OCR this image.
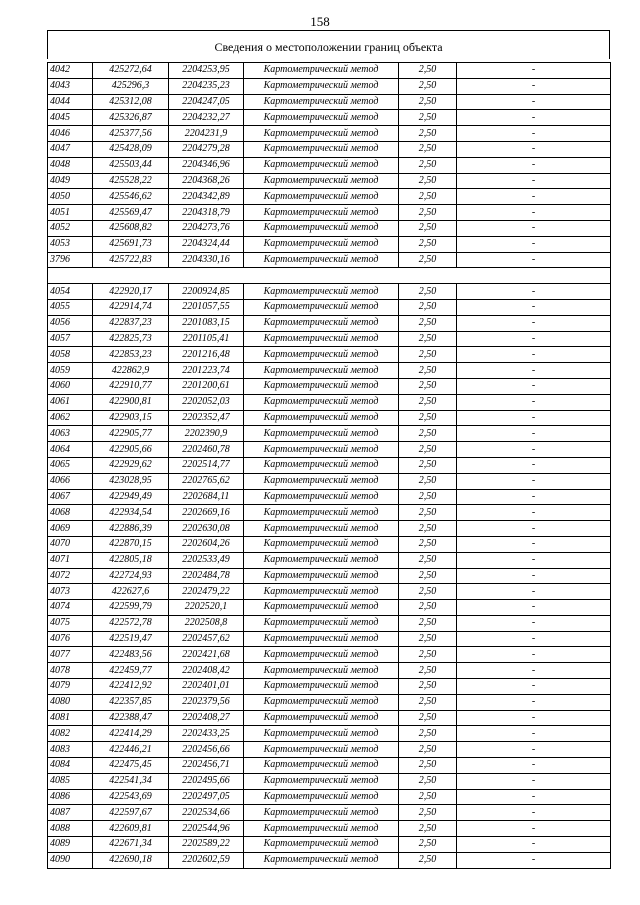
158
Сведения о местоположении границ объекта
4042	425272,64	2204253,95	Картометрический метод	2,50	-
4043	425296,3	2204235,23	Картометрический метод	2,50	-
4044	425312,08	2204247,05	Картометрический метод	2,50	-
4045	425326,87	2204232,27	Картометрический метод	2,50	-
4046	425377,56	2204231,9	Картометрический метод	2,50	-
4047	425428,09	2204279,28	Картометрический метод	2,50	-
4048	425503,44	2204346,96	Картометрический метод	2,50	-
4049	425528,22	2204368,26	Картометрический метод	2,50	-
4050	425546,62	2204342,89	Картометрический метод	2,50	-
4051	425569,47	2204318,79	Картометрический метод	2,50	-
4052	425608,82	2204273,76	Картометрический метод	2,50	-
4053	425691,73	2204324,44	Картометрический метод	2,50	-
3796	425722,83	2204330,16	Картометрический метод	2,50	-

4054	422920,17	2200924,85	Картометрический метод	2,50	-
4055	422914,74	2201057,55	Картометрический метод	2,50	-
4056	422837,23	2201083,15	Картометрический метод	2,50	-
4057	422825,73	2201105,41	Картометрический метод	2,50	-
4058	422853,23	2201216,48	Картометрический метод	2,50	-
4059	422862,9	2201223,74	Картометрический метод	2,50	-
4060	422910,77	2201200,61	Картометрический метод	2,50	-
4061	422900,81	2202052,03	Картометрический метод	2,50	-
4062	422903,15	2202352,47	Картометрический метод	2,50	-
4063	422905,77	2202390,9	Картометрический метод	2,50	-
4064	422905,66	2202460,78	Картометрический метод	2,50	-
4065	422929,62	2202514,77	Картометрический метод	2,50	-
4066	423028,95	2202765,62	Картометрический метод	2,50	-
4067	422949,49	2202684,11	Картометрический метод	2,50	-
4068	422934,54	2202669,16	Картометрический метод	2,50	-
4069	422886,39	2202630,08	Картометрический метод	2,50	-
4070	422870,15	2202604,26	Картометрический метод	2,50	-
4071	422805,18	2202533,49	Картометрический метод	2,50	-
4072	422724,93	2202484,78	Картометрический метод	2,50	-
4073	422627,6	2202479,22	Картометрический метод	2,50	-
4074	422599,79	2202520,1	Картометрический метод	2,50	-
4075	422572,78	2202508,8	Картометрический метод	2,50	-
4076	422519,47	2202457,62	Картометрический метод	2,50	-
4077	422483,56	2202421,68	Картометрический метод	2,50	-
4078	422459,77	2202408,42	Картометрический метод	2,50	-
4079	422412,92	2202401,01	Картометрический метод	2,50	-
4080	422357,85	2202379,56	Картометрический метод	2,50	-
4081	422388,47	2202408,27	Картометрический метод	2,50	-
4082	422414,29	2202433,25	Картометрический метод	2,50	-
4083	422446,21	2202456,66	Картометрический метод	2,50	-
4084	422475,45	2202456,71	Картометрический метод	2,50	-
4085	422541,34	2202495,66	Картометрический метод	2,50	-
4086	422543,69	2202497,05	Картометрический метод	2,50	-
4087	422597,67	2202534,66	Картометрический метод	2,50	-
4088	422609,81	2202544,96	Картометрический метод	2,50	-
4089	422671,34	2202589,22	Картометрический метод	2,50	-
4090	422690,18	2202602,59	Картометрический метод	2,50	-
